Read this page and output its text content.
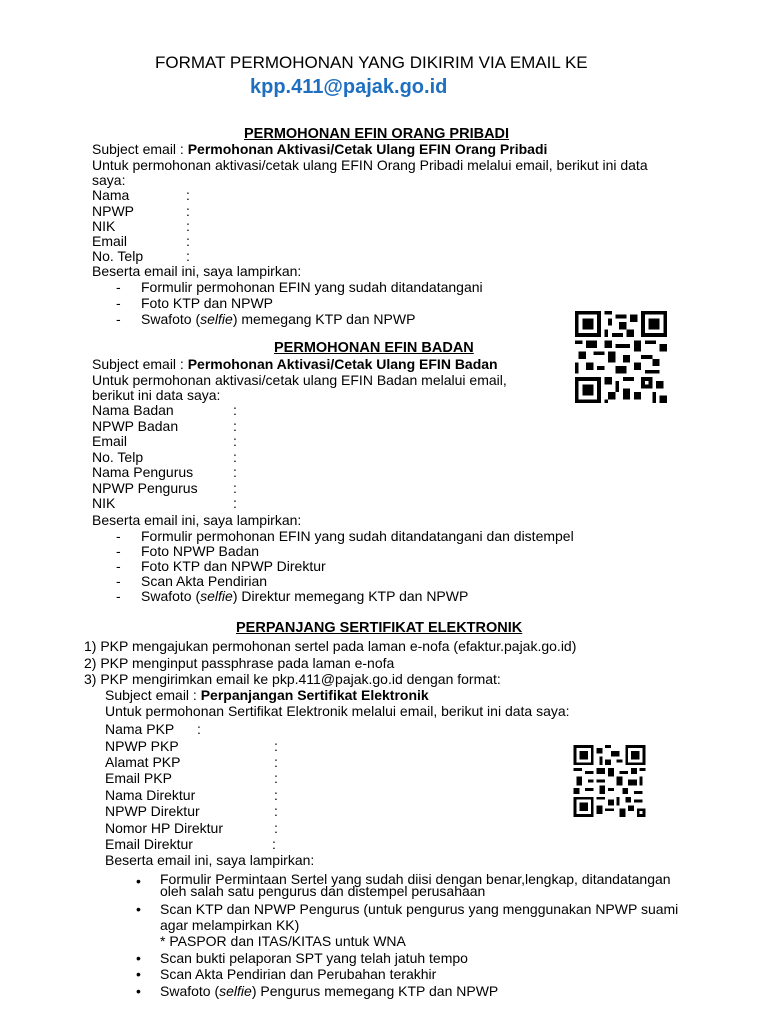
FORMAT PERMOHONAN YANG DIKIRIM VIA EMAIL KE
kpp.411@pajak.go.id
PERMOHONAN EFIN ORANG PRIBADI
Subject email : Permohonan Aktivasi/Cetak Ulang EFIN Orang Pribadi
Untuk permohonan aktivasi/cetak ulang EFIN Orang Pribadi melalui email, berikut ini data
saya:
Nama	:
NPWP	:
NIK	:
Email	:
No. Telp	:
Beserta email ini, saya lampirkan:
- Formulir permohonan EFIN yang sudah ditandatangani
- Foto KTP dan NPWP
- Swafoto (selfie) memegang KTP dan NPWP
PERMOHONAN EFIN BADAN
Subject email : Permohonan Aktivasi/Cetak Ulang EFIN Badan
Untuk permohonan aktivasi/cetak ulang EFIN Badan melalui email,
berikut ini data saya:
Nama Badan	:
NPWP Badan	:
Email	:
No. Telp	:
Nama Pengurus	:
NPWP Pengurus	:
NIK	:
Beserta email ini, saya lampirkan:
- Formulir permohonan EFIN yang sudah ditandatangani dan distempel
- Foto NPWP Badan
- Foto KTP dan NPWP Direktur
- Scan Akta Pendirian
- Swafoto (selfie) Direktur memegang KTP dan NPWP
PERPANJANG SERTIFIKAT ELEKTRONIK
1) PKP mengajukan permohonan sertel pada laman e-nofa (efaktur.pajak.go.id)
2) PKP menginput passphrase pada laman e-nofa
3) PKP mengirimkan email ke pkp.411@pajak.go.id dengan format:
Subject email : Perpanjangan Sertifikat Elektronik
Untuk permohonan Sertifikat Elektronik melalui email, berikut ini data saya:
Nama PKP :
NPWP PKP	:
Alamat PKP	:
Email PKP	:
Nama Direktur	:
NPWP Direktur	:
Nomor HP Direktur	:
Email Direktur	:
Beserta email ini, saya lampirkan:
• Formulir Permintaan Sertel yang sudah diisi dengan benar,lengkap, ditandatangan
oleh salah satu pengurus dan distempel perusahaan
• Scan KTP dan NPWP Pengurus (untuk pengurus yang menggunakan NPWP suami
agar melampirkan KK)
* PASPOR dan ITAS/KITAS untuk WNA
• Scan bukti pelaporan SPT yang telah jatuh tempo
• Scan Akta Pendirian dan Perubahan terakhir
• Swafoto (selfie) Pengurus memegang KTP dan NPWP
